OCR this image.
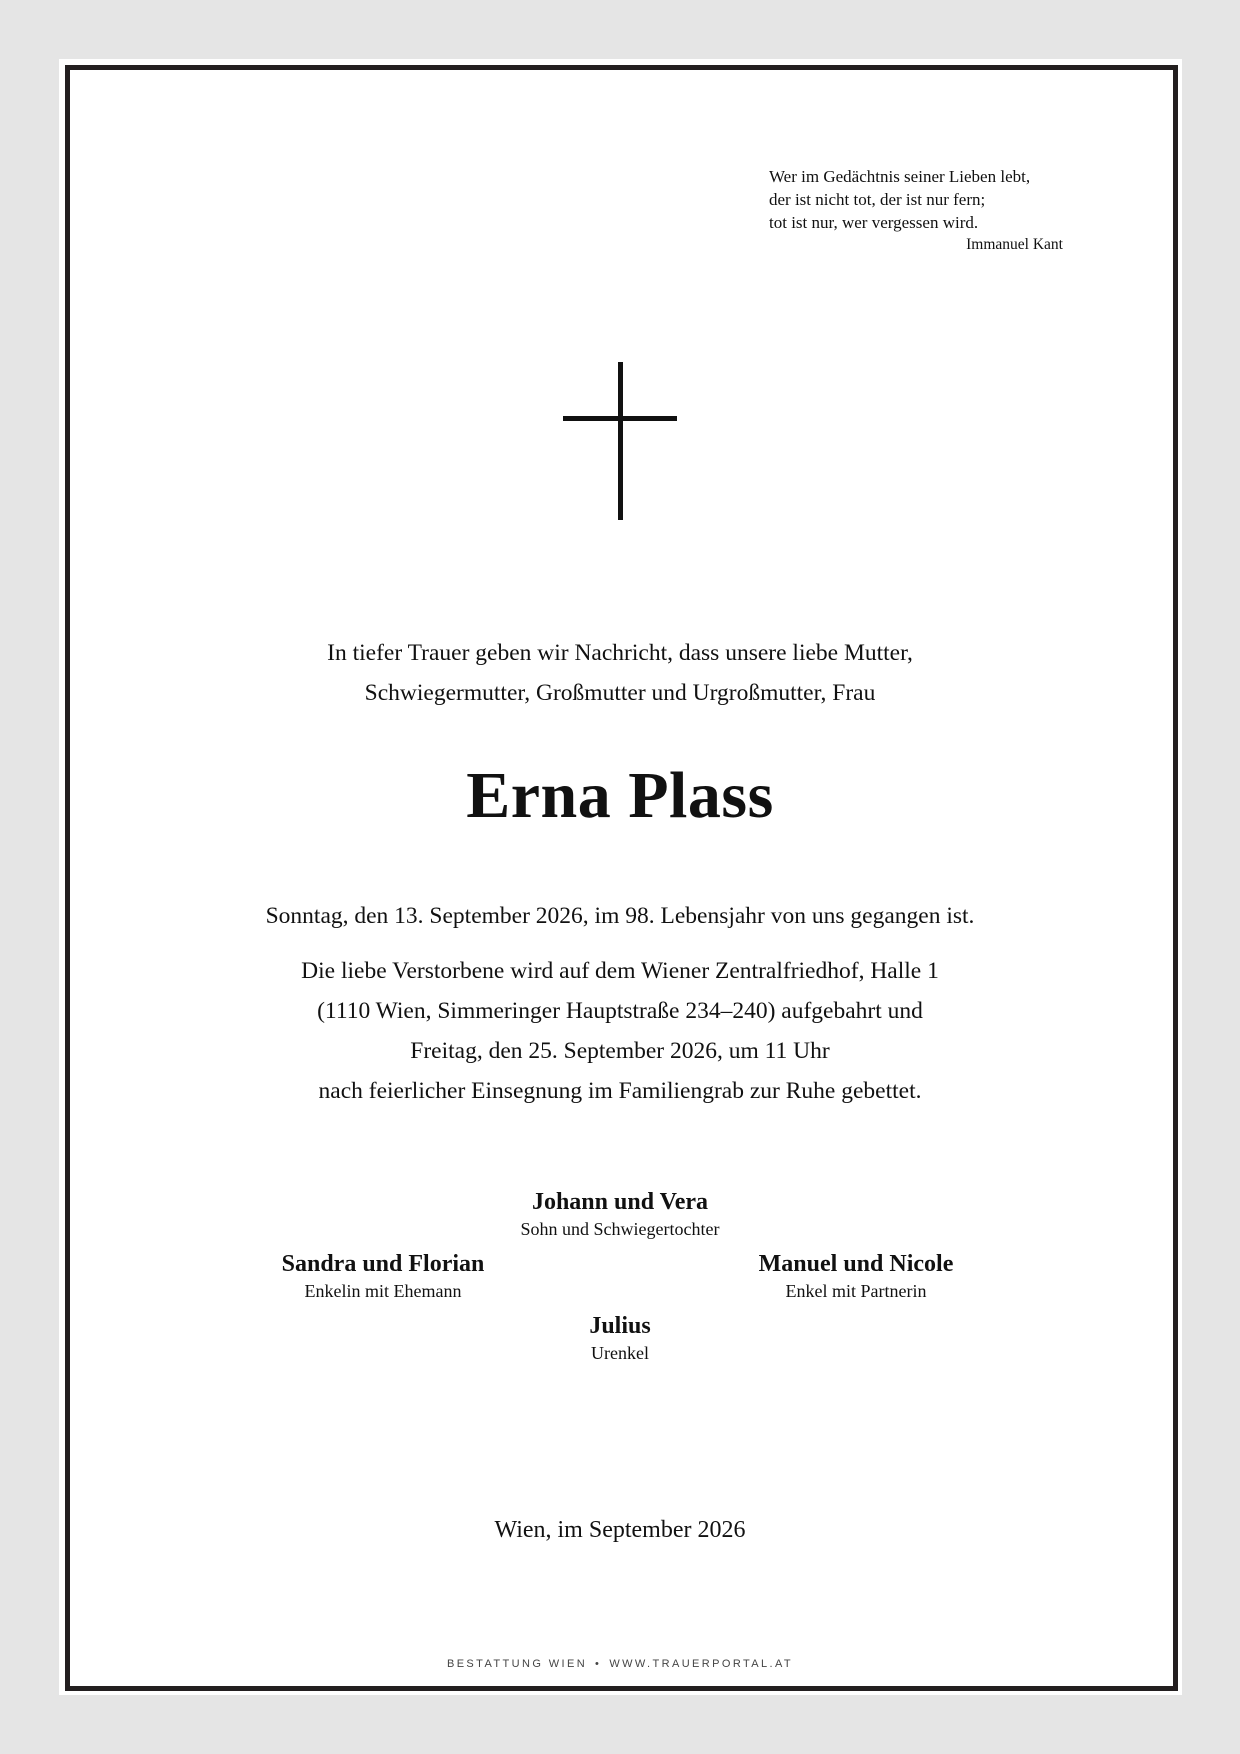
Wer im Gedächtnis seiner Lieben lebt,
der ist nicht tot, der ist nur fern;
tot ist nur, wer vergessen wird.
Immanuel Kant
In tiefer Trauer geben wir Nachricht, dass unsere liebe Mutter,
Schwiegermutter, Großmutter und Urgroßmutter, Frau
Erna Plass
Sonntag, den 13. September 2026, im 98. Lebensjahr von uns gegangen ist.
Die liebe Verstorbene wird auf dem Wiener Zentralfriedhof, Halle 1
(1110 Wien, Simmeringer Hauptstraße 234–240) aufgebahrt und
Freitag, den 25. September 2026, um 11 Uhr
nach feierlicher Einsegnung im Familiengrab zur Ruhe gebettet.
Johann und Vera
Sohn und Schwiegertochter
Sandra und Florian
Enkelin mit Ehemann
Manuel und Nicole
Enkel mit Partnerin
Julius
Urenkel
Wien, im September 2026
BESTATTUNG WIEN • WWW.TRAUERPORTAL.AT
